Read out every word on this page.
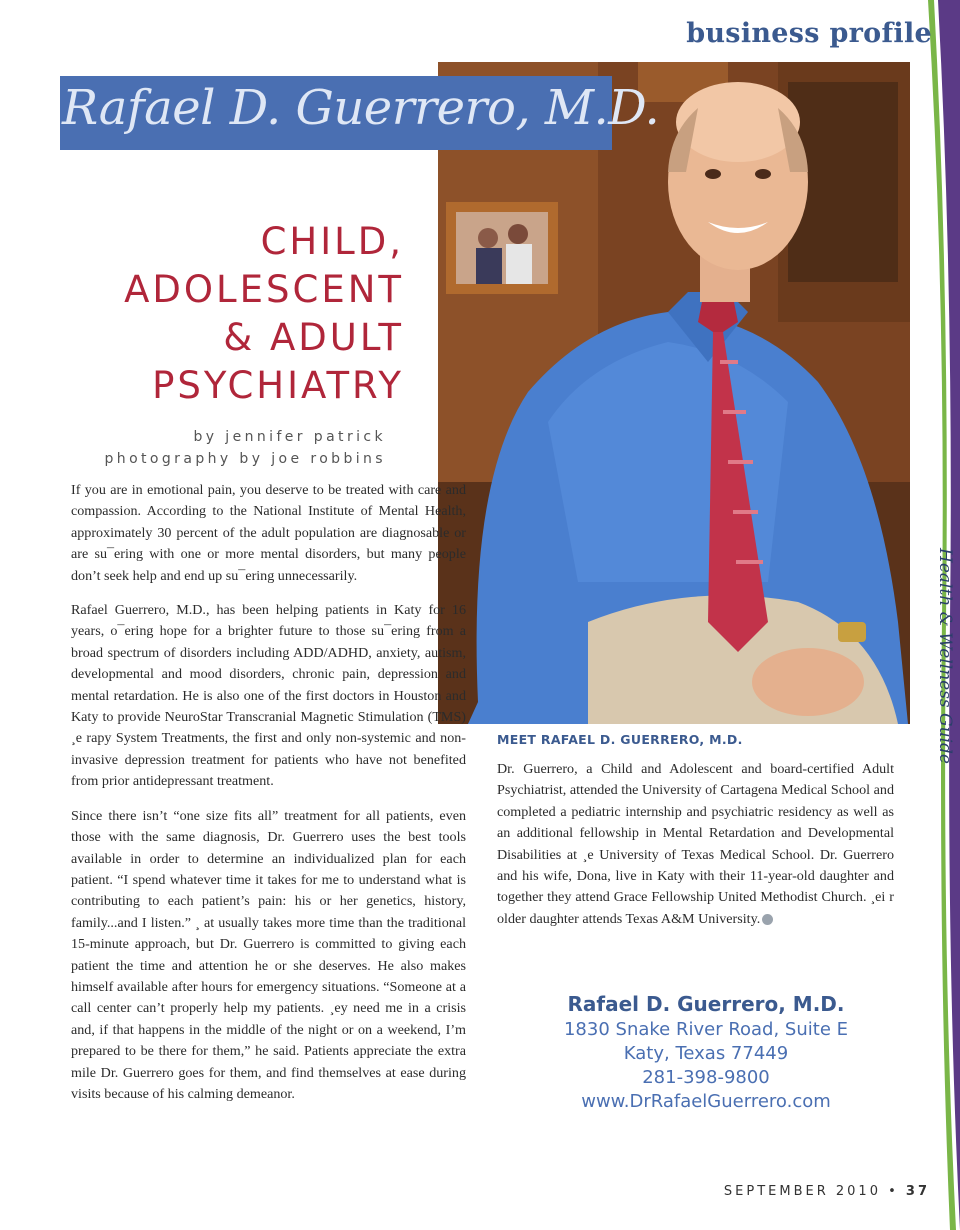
business profile
Rafael D. Guerrero, M.D.
CHILD,
ADOLESCENT
& ADULT
PSYCHIATRY
by jennifer patrick
photography by joe robbins

If you are in emotional pain, you deserve to be treated with care and compassion. According to the National Institute of Mental Health, approximately 30 percent of the adult population are diagnosable or are su¯ering with one or more mental disorders, but many people don’t seek help and end up su¯ering unnecessarily.

Rafael Guerrero, M.D., has been helping patients in Katy for 16 years, o¯ering hope for a brighter future to those su¯ering from a broad spectrum of disorders including ADD/ADHD, anxiety, autism, developmental and mood disorders, chronic pain, depression and mental retardation. He is also one of the first doctors in Houston and Katy to provide NeuroStar Transcranial Magnetic Stimulation (TMS) ¸e rapy System Treatments, the first and only non-systemic and non-invasive depression treatment for patients who have not benefited from prior antidepressant treatment.

Since there isn’t “one size fits all” treatment for all patients, even those with the same diagnosis, Dr. Guerrero uses the best tools available in order to determine an individualized plan for each patient. “I spend whatever time it takes for me to understand what is contributing to each patient’s pain: his or her genetics, history, family...and I listen.” ¸ at usually takes more time than the traditional 15-minute approach, but Dr. Guerrero is committed to giving each patient the time and attention he or she deserves. He also makes himself available after hours for emergency situations. “Someone at a call center can’t properly help my patients. ¸ey need me in a crisis and, if that happens in the middle of the night or on a weekend, I’m prepared to be there for them,” he said. Patients appreciate the extra mile Dr. Guerrero goes for them, and find themselves at ease during visits because of his calming demeanor.

MEET RAFAEL D. GUERRERO, M.D.
Dr. Guerrero, a Child and Adolescent and board-certified Adult Psychiatrist, attended the University of Cartagena Medical School and completed a pediatric internship and psychiatric residency as well as an additional fellowship in Mental Retardation and Developmental Disabilities at ¸e University of Texas Medical School. Dr. Guerrero and his wife, Dona, live in Katy with their 11-year-old daughter and together they attend Grace Fellowship United Methodist Church. ¸ei r older daughter attends Texas A&M University.
Rafael D. Guerrero, M.D.
1830 Snake River Road, Suite E
Katy, Texas 77449
281-398-9800
www.DrRafaelGuerrero.com
Health & Wellness Guide
SEPTEMBER 2010 • 37
